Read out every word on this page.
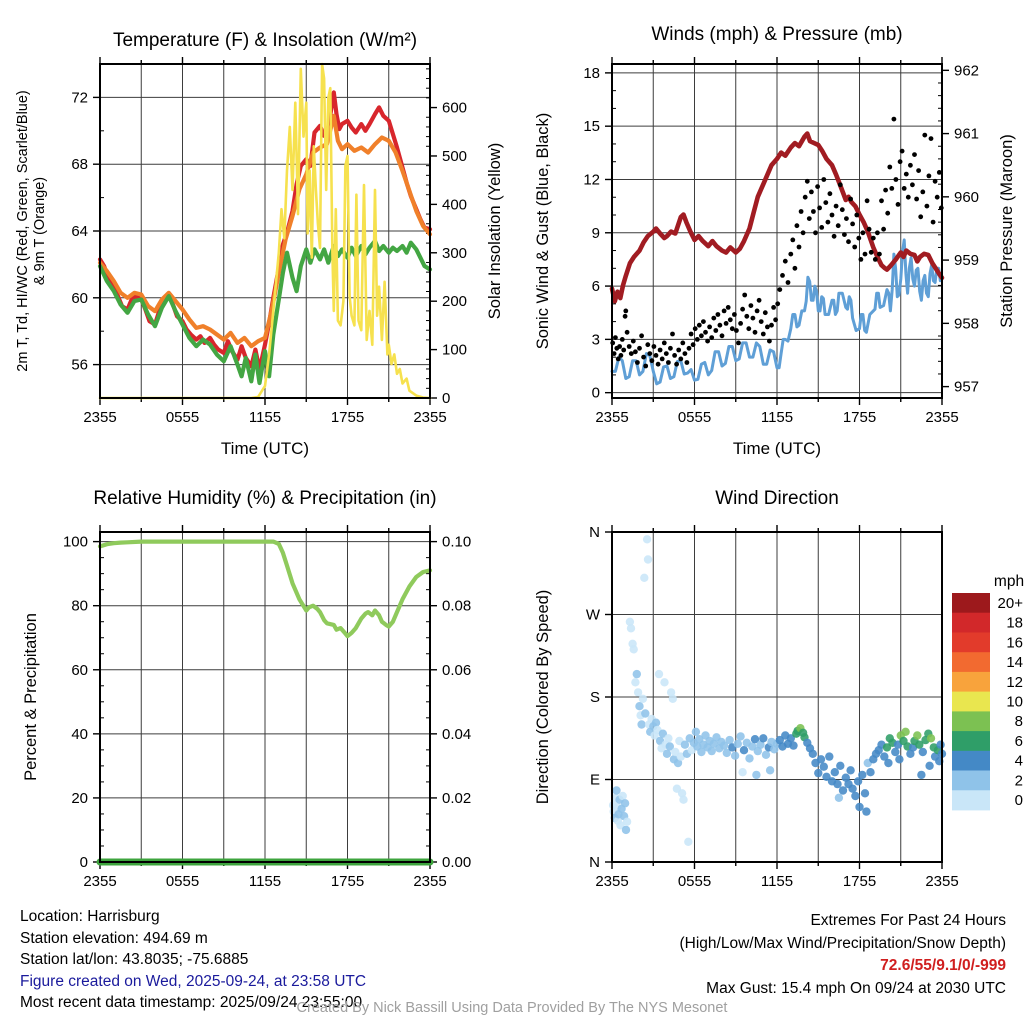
2355	0555	1155	1755	2355
56
60
64
68
72
0
100
200
300
400
500
600
Temperature (F) & Insolation (W/m²)
Time (UTC)
2m T, Td, HI/WC (Red, Green, Scarlet/Blue) & 9m T (Orange)	Solar Insolation (Yellow)
2355	0555	1155	1755	2355
0
3
6
9
12
15
18
957
958
959
960
961
962
Winds (mph) & Pressure (mb)
Time (UTC)
Sonic Wind & Gust (Blue, Black)	Station Pressure (Maroon)
2355	0555	1155	1755	2355
0
20
40
60
80
100
0.00
0.02
0.04
0.06
0.08
0.10
Relative Humidity (%) & Precipitation (in)
Percent & Precipitation
2355	0555	1155	1755	2355
N
E
S
W
N
Wind Direction
Direction (Colored By Speed)
mph
20+
18
16
14
12
10
8
6
4
2
0
Location: Harrisburg
Station elevation: 494.69 m
Station lat/lon: 43.8035; -75.6885
Figure created on Wed, 2025-09-24, at 23:58 UTC
Most recent data timestamp: 2025/09/24 23:55:00
Extremes For Past 24 Hours
(High/Low/Max Wind/Precipitation/Snow Depth)
72.6/55/9.1/0/-999
Max Gust: 15.4 mph On 09/24 at 2030 UTC
Created By Nick Bassill Using Data Provided By The NYS Mesonet
